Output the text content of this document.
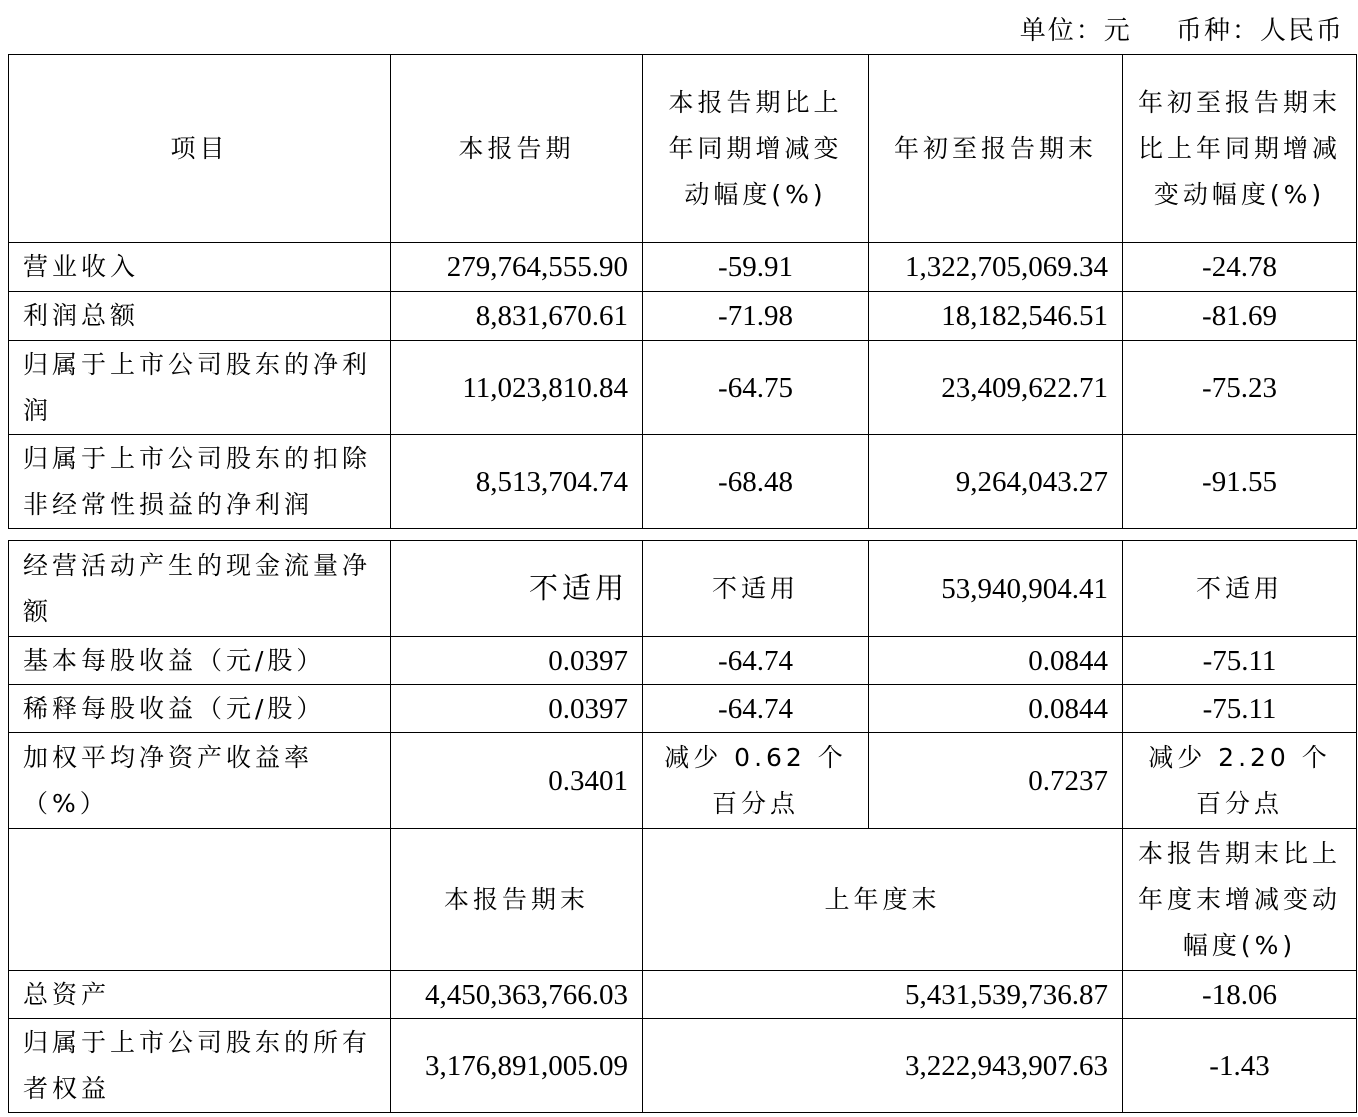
单位：元 币种：人民币
项目	本报告期	本报告期比上年同期增减变动幅度(%)	年初至报告期末	年初至报告期末比上年同期增减变动幅度(%)
营业收入	279,764,555.90	-59.91	1,322,705,069.34	-24.78
利润总额	8,831,670.61	-71.98	18,182,546.51	-81.69
归属于上市公司股东的净利润	11,023,810.84	-64.75	23,409,622.71	-75.23
归属于上市公司股东的扣除非经常性损益的净利润	8,513,704.74	-68.48	9,264,043.27	-91.55
经营活动产生的现金流量净额	不适用	不适用	53,940,904.41	不适用
基本每股收益（元/股）	0.0397	-64.74	0.0844	-75.11
稀释每股收益（元/股）	0.0397	-64.74	0.0844	-75.11
加权平均净资产收益率（%）	0.3401	减少 0.62 个百分点	0.7237	减少 2.20 个百分点
	本报告期末	上年度末		本报告期末比上年度末增减变动幅度(%)
总资产	4,450,363,766.03	5,431,539,736.87		-18.06
归属于上市公司股东的所有者权益	3,176,891,005.09	3,222,943,907.63		-1.43
